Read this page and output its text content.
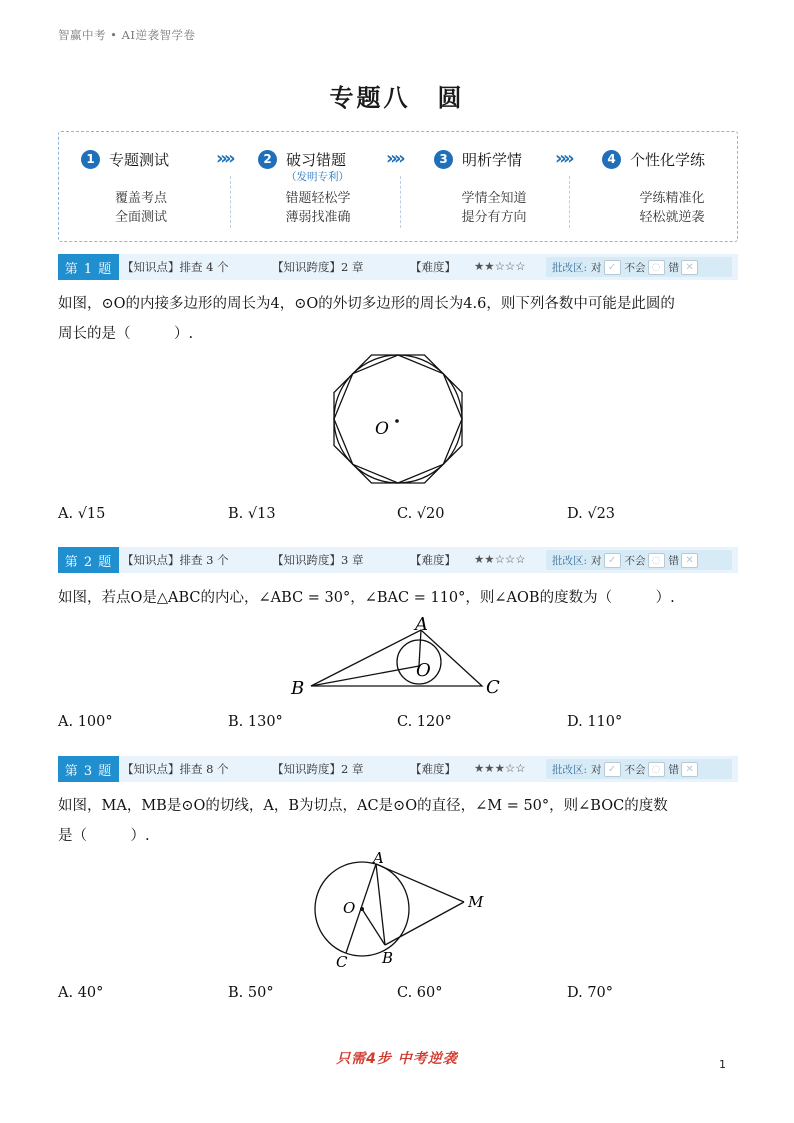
智赢中考 • AI逆袭智学卷
专题八　圆
1 专题测试
覆盖考点
全面测试
» »	2 破习错题
（发明专利）
错题轻松学
薄弱找准确
» »	3 明析学情
学情全知道
提分有方向
» »	4 个性化学练
学练精准化
轻松就逆袭
第 1 题 【知识点】排查 4 个	【知识跨度】2 章	【难度】 ★★☆☆☆	批改区: 对 ✓ 不会 ◌ 错 ✕
如图，⊙O的内接多边形的周长为4，⊙O的外切多边形的周长为4.6，则下列各数中可能是此圆的
周长的是（　　　）.
O
A. √15	B. √13	C. √20	D. √23
第 2 题 【知识点】排查 3 个	【知识跨度】3 章	【难度】 ★★☆☆☆	批改区: 对 ✓ 不会 ◌ 错 ✕
如图，若点O是△ABC的内心，∠ABC = 30°，∠BAC = 110°，则∠AOB的度数为（　　　）.
A
B	C
O
A. 100°	B. 130°	C. 120°	D. 110°
第 3 题 【知识点】排查 8 个	【知识跨度】2 章	【难度】 ★★★☆☆	批改区: 对 ✓ 不会 ◌ 错 ✕
如图，MA，MB是⊙O的切线，A，B为切点，AC是⊙O的直径，∠M = 50°，则∠BOC的度数
是（　　　）.
A
B
C
O	M
A. 40°	B. 50°	C. 60°	D. 70°
只需4步 中考逆袭	1
